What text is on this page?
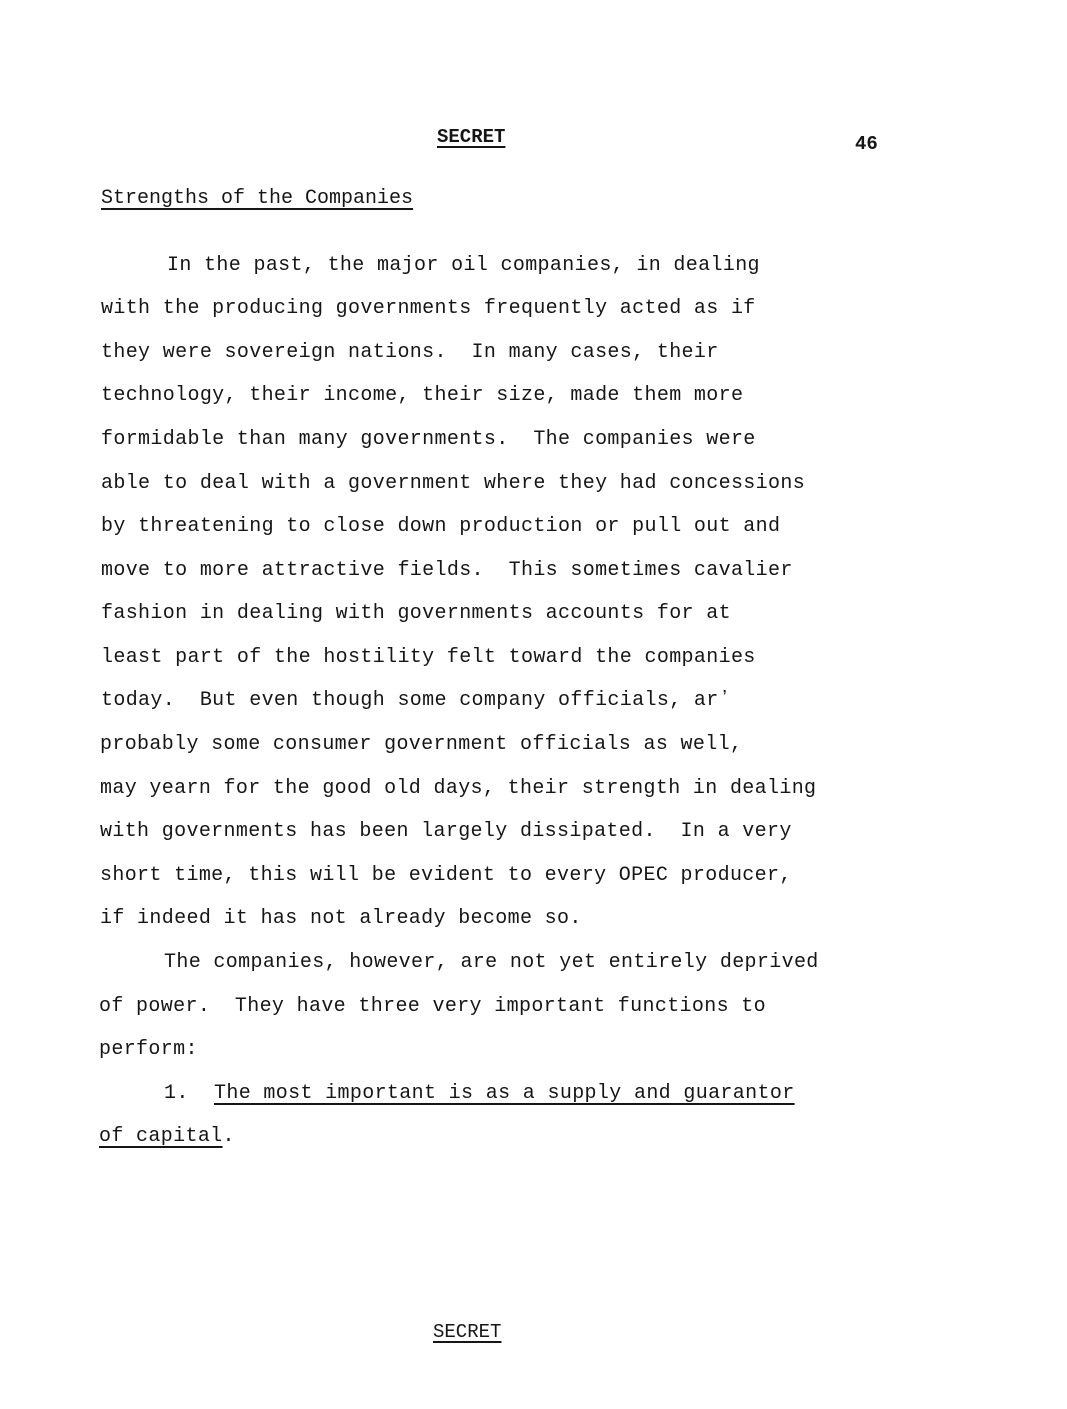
SECRET	46
Strengths of the Companies
In the past, the major oil companies, in dealing
with the producing governments frequently acted as if
they were sovereign nations.  In many cases, their
technology, their income, their size, made them more
formidable than many governments.  The companies were
able to deal with a government where they had concessions
by threatening to close down production or pull out and
move to more attractive fields.  This sometimes cavalier
fashion in dealing with governments accounts for at
least part of the hostility felt toward the companies
today.  But even though some company officials, arʼ
probably some consumer government officials as well,
may yearn for the good old days, their strength in dealing
with governments has been largely dissipated.  In a very
short time, this will be evident to every OPEC producer,
if indeed it has not already become so.
The companies, however, are not yet entirely deprived
of power.  They have three very important functions to
perform:
1. The most important is as a supply and guarantor
of capital.
SECRET
